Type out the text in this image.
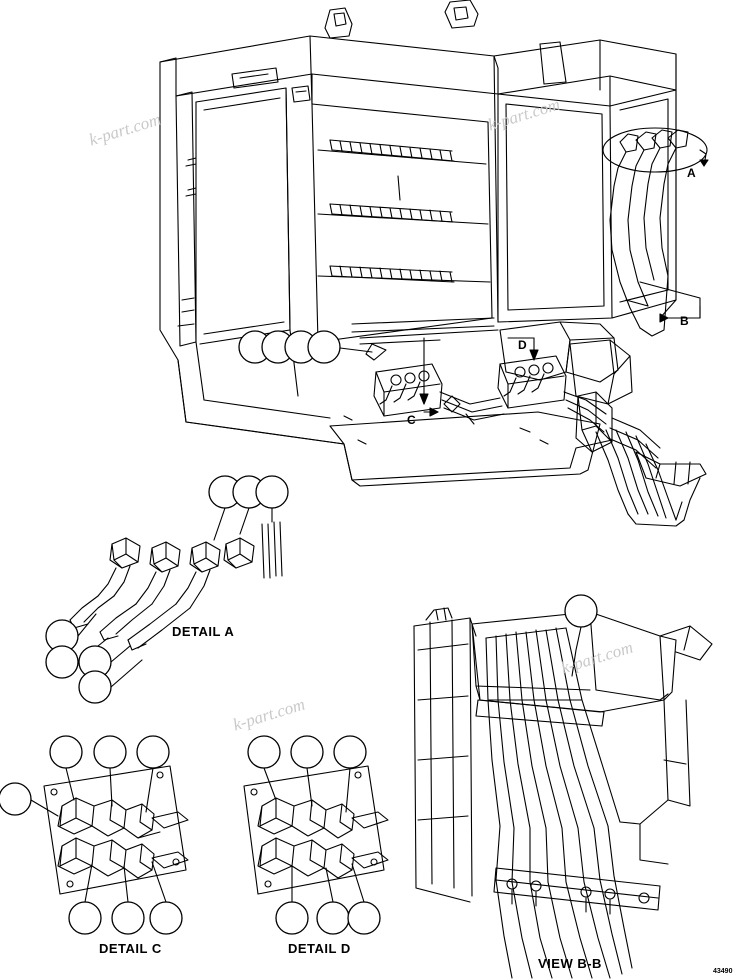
k-part.com	k-part.com
k-part.com
k-part.com
A
B
C
D
DETAIL A
DETAIL C	DETAIL D
VIEW B-B
43490
